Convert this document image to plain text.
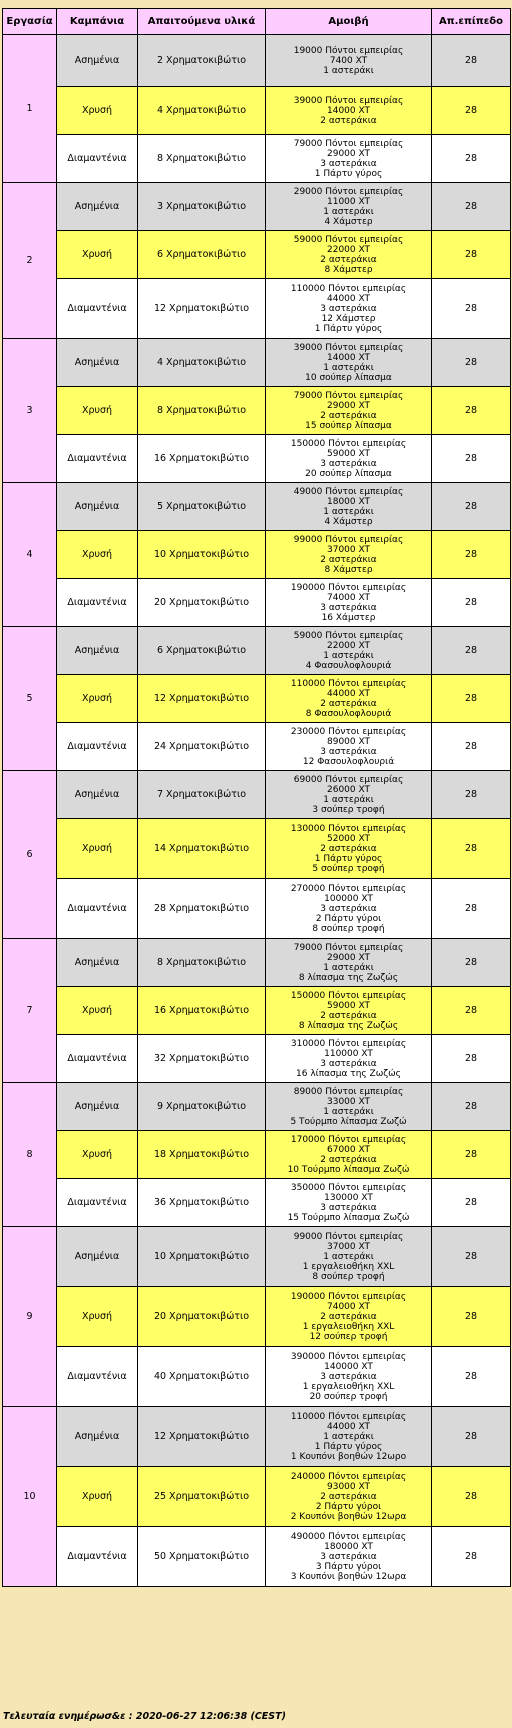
Εργασία	Καμπάνια	Απαιτούμενα υλικά	Αμοιβή	Απ.επίπεδο
1	Ασημένια	2 Χρηματοκιβώτιο	19000 Πόντοι εμπειρίας
7400 XT
1 αστεράκι	28
	Χρυσή	4 Χρηματοκιβώτιο	39000 Πόντοι εμπειρίας
14000 XT
2 αστεράκια	28
	Διαμαντένια	8 Χρηματοκιβώτιο	79000 Πόντοι εμπειρίας
29000 XT
3 αστεράκια
1 Πάρτυ γύρος	28
2	Ασημένια	3 Χρηματοκιβώτιο	29000 Πόντοι εμπειρίας
11000 XT
1 αστεράκι
4 Χάμστερ	28
	Χρυσή	6 Χρηματοκιβώτιο	59000 Πόντοι εμπειρίας
22000 XT
2 αστεράκια
8 Χάμστερ	28
	Διαμαντένια	12 Χρηματοκιβώτιο	110000 Πόντοι εμπειρίας
44000 XT
3 αστεράκια
12 Χάμστερ
1 Πάρτυ γύρος	28
3	Ασημένια	4 Χρηματοκιβώτιο	39000 Πόντοι εμπειρίας
14000 XT
1 αστεράκι
10 σούπερ λίπασμα	28
	Χρυσή	8 Χρηματοκιβώτιο	79000 Πόντοι εμπειρίας
29000 XT
2 αστεράκια
15 σούπερ λίπασμα	28
	Διαμαντένια	16 Χρηματοκιβώτιο	150000 Πόντοι εμπειρίας
59000 XT
3 αστεράκια
20 σούπερ λίπασμα	28
4	Ασημένια	5 Χρηματοκιβώτιο	49000 Πόντοι εμπειρίας
18000 XT
1 αστεράκι
4 Χάμστερ	28
	Χρυσή	10 Χρηματοκιβώτιο	99000 Πόντοι εμπειρίας
37000 XT
2 αστεράκια
8 Χάμστερ	28
	Διαμαντένια	20 Χρηματοκιβώτιο	190000 Πόντοι εμπειρίας
74000 XT
3 αστεράκια
16 Χάμστερ	28
5	Ασημένια	6 Χρηματοκιβώτιο	59000 Πόντοι εμπειρίας
22000 XT
1 αστεράκι
4 Φασουλοφλουριά	28
	Χρυσή	12 Χρηματοκιβώτιο	110000 Πόντοι εμπειρίας
44000 XT
2 αστεράκια
8 Φασουλοφλουριά	28
	Διαμαντένια	24 Χρηματοκιβώτιο	230000 Πόντοι εμπειρίας
89000 XT
3 αστεράκια
12 Φασουλοφλουριά	28
6	Ασημένια	7 Χρηματοκιβώτιο	69000 Πόντοι εμπειρίας
26000 XT
1 αστεράκι
3 σούπερ τροφή	28
	Χρυσή	14 Χρηματοκιβώτιο	130000 Πόντοι εμπειρίας
52000 XT
2 αστεράκια
1 Πάρτυ γύρος
5 σούπερ τροφή	28
	Διαμαντένια	28 Χρηματοκιβώτιο	270000 Πόντοι εμπειρίας
100000 XT
3 αστεράκια
2 Πάρτυ γύροι
8 σούπερ τροφή	28
7	Ασημένια	8 Χρηματοκιβώτιο	79000 Πόντοι εμπειρίας
29000 XT
1 αστεράκι
8 λίπασμα της Ζωζώς	28
	Χρυσή	16 Χρηματοκιβώτιο	150000 Πόντοι εμπειρίας
59000 XT
2 αστεράκια
8 λίπασμα της Ζωζώς	28
	Διαμαντένια	32 Χρηματοκιβώτιο	310000 Πόντοι εμπειρίας
110000 XT
3 αστεράκια
16 λίπασμα της Ζωζώς	28
8	Ασημένια	9 Χρηματοκιβώτιο	89000 Πόντοι εμπειρίας
33000 XT
1 αστεράκι
5 Τούρμπο λίπασμα Ζωζώ	28
	Χρυσή	18 Χρηματοκιβώτιο	170000 Πόντοι εμπειρίας
67000 XT
2 αστεράκια
10 Τούρμπο λίπασμα Ζωζώ	28
	Διαμαντένια	36 Χρηματοκιβώτιο	350000 Πόντοι εμπειρίας
130000 XT
3 αστεράκια
15 Τούρμπο λίπασμα Ζωζώ	28
9	Ασημένια	10 Χρηματοκιβώτιο	99000 Πόντοι εμπειρίας
37000 XT
1 αστεράκι
1 εργαλειοθήκη XXL
8 σούπερ τροφή	28
	Χρυσή	20 Χρηματοκιβώτιο	190000 Πόντοι εμπειρίας
74000 XT
2 αστεράκια
1 εργαλειοθήκη XXL
12 σούπερ τροφή	28
	Διαμαντένια	40 Χρηματοκιβώτιο	390000 Πόντοι εμπειρίας
140000 XT
3 αστεράκια
1 εργαλειοθήκη XXL
20 σούπερ τροφή	28
10	Ασημένια	12 Χρηματοκιβώτιο	110000 Πόντοι εμπειρίας
44000 XT
1 αστεράκι
1 Πάρτυ γύρος
1 Κουπόνι βοηθών 12ωρο	28
	Χρυσή	25 Χρηματοκιβώτιο	240000 Πόντοι εμπειρίας
93000 XT
2 αστεράκια
2 Πάρτυ γύροι
2 Κουπόνι βοηθών 12ωρα	28
	Διαμαντένια	50 Χρηματοκιβώτιο	490000 Πόντοι εμπειρίας
180000 XT
3 αστεράκια
3 Πάρτυ γύροι
3 Κουπόνι βοηθών 12ωρα	28
Τελευταία ενημέρωσ&ε : 2020-06-27 12:06:38 (CEST)
